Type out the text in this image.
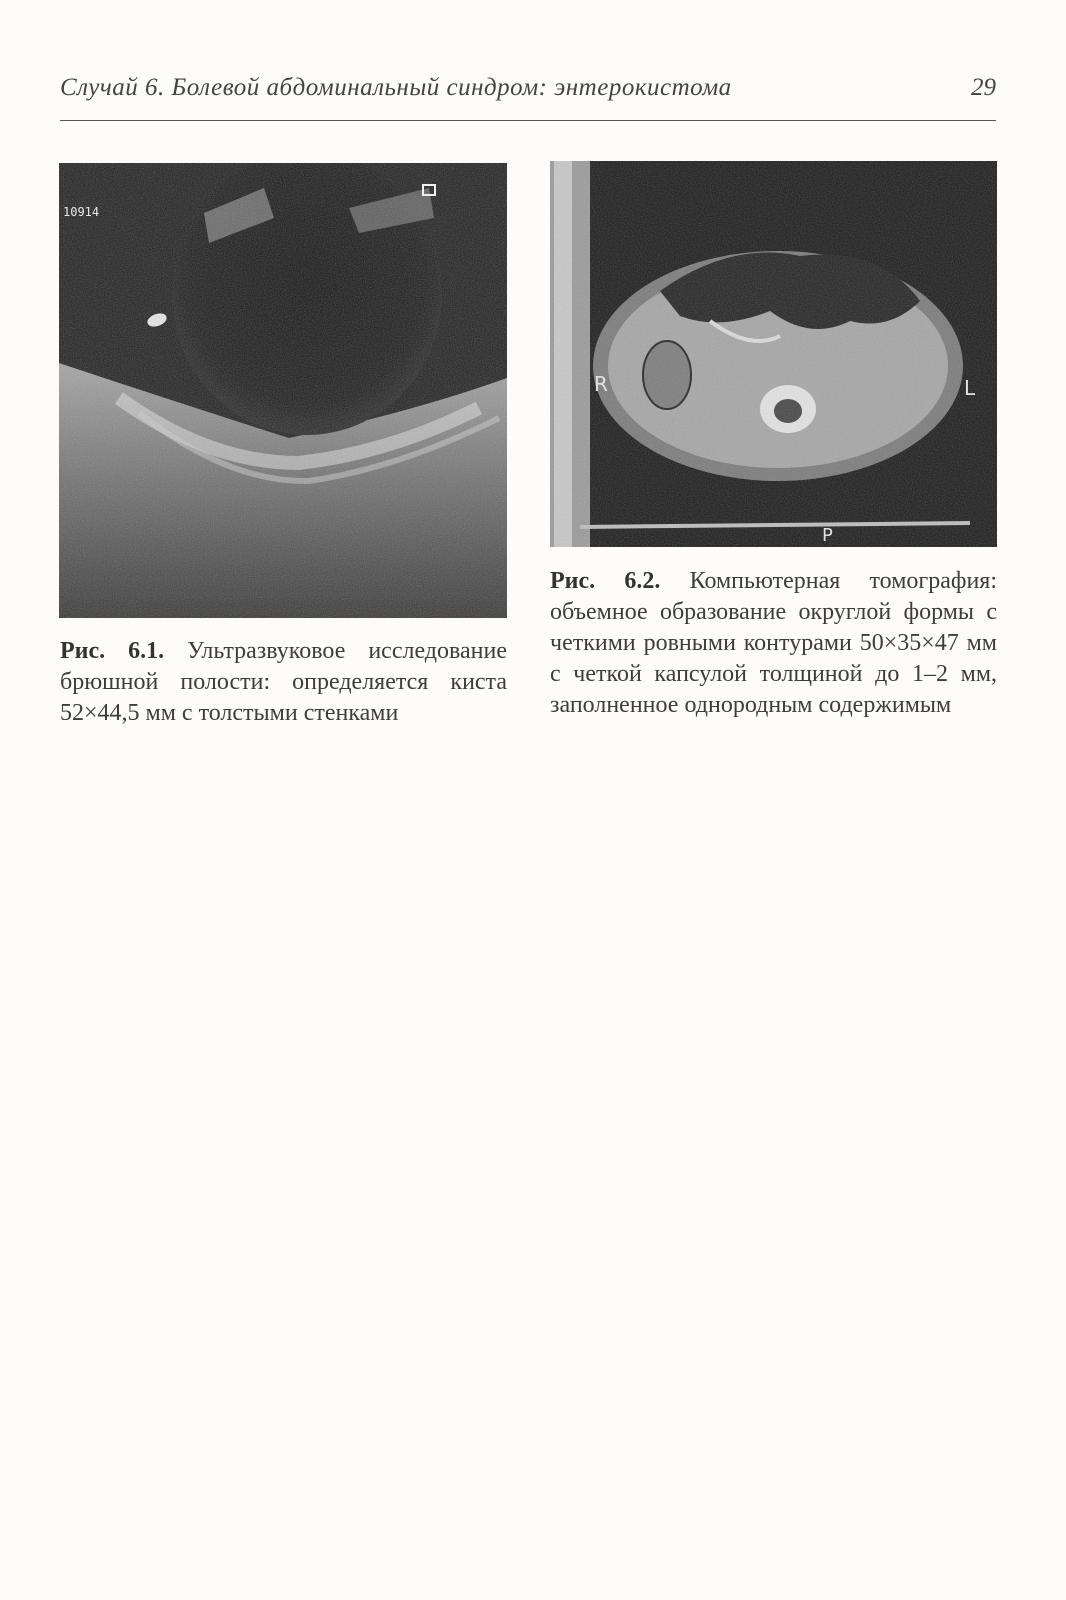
Случай 6. Болевой абдоминальный синдром: энтерокистома	29
10914
R	L
P
Рис. 6.1. Ультразвуковое исследование брюшной полости: определяется киста 52×44,5 мм с толстыми стенками
Рис. 6.2. Компьютерная томография: объемное образование округлой формы с четкими ровными контурами 50×35×47 мм с четкой капсулой толщиной до 1–2 мм, заполненное однородным содержимым
